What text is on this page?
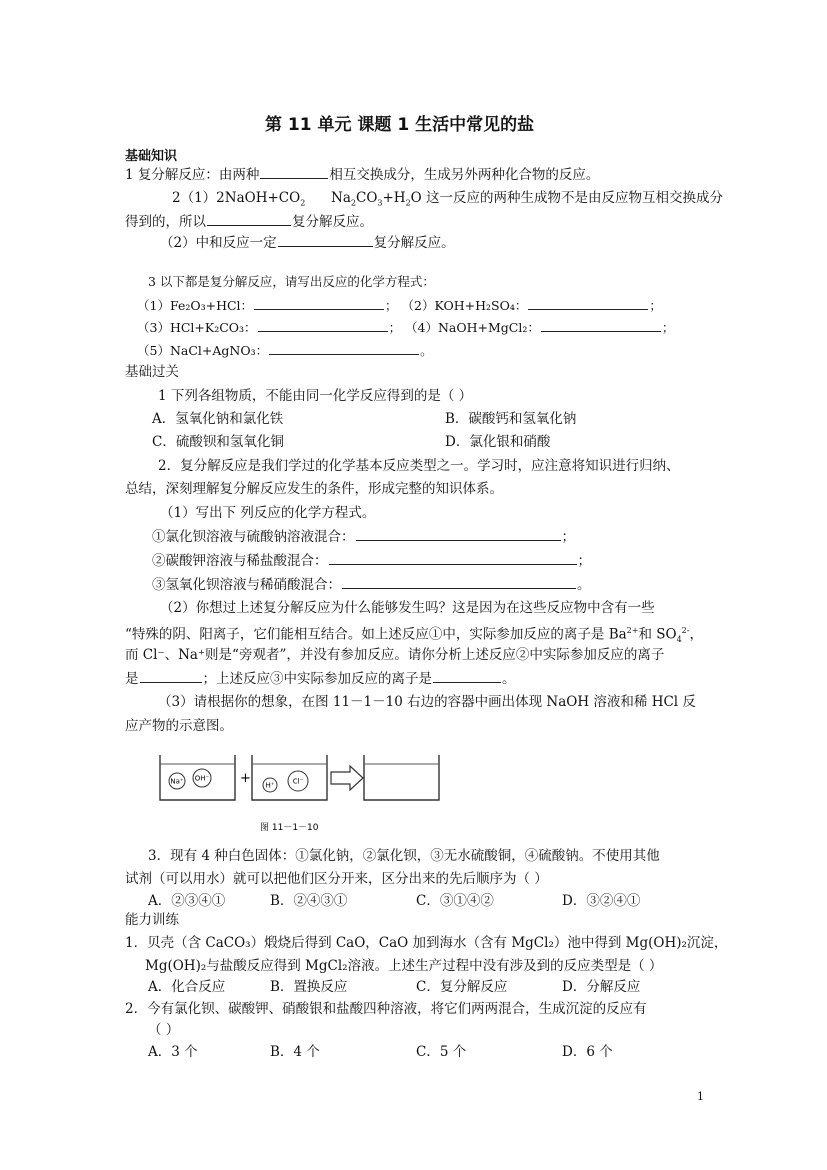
第 11 单元 课题 1 生活中常见的盐
基础知识
1 复分解反应：由两种	相互交换成分，生成另外两种化合物的反应。
$2(1)2NaOH+CO_2$      $Na_2CO_3+H_2O$ 这一反应的两种生成物不是由反应物互相交换成分
得到的，所以	复分解反应。
（2）中和反应一定	复分解反应。
3 以下都是复分解反应，请写出反应的化学方程式：
（1）Fe₂O₃+HCl：	； （2）KOH+H₂SO₄：	；
（3）HCl+K₂CO₃：	； （4）NaOH+MgCl₂：	；
（5）NaCl+AgNO₃：	。
基础过关
1 下列各组物质，不能由同一化学反应得到的是（ ）
A．氢氧化钠和氯化铁	B．碳酸钙和氢氧化钠
C．硫酸钡和氢氧化铜	D．氯化银和硝酸
2．复分解反应是我们学过的化学基本反应类型之一。学习时，应注意将知识进行归纳、
总结，深刻理解复分解反应发生的条件，形成完整的知识体系。
（1）写出下 列反应的化学方程式。
①氯化钡溶液与硫酸钠溶液混合：	；
②碳酸钾溶液与稀盐酸混合：	；
③氢氧化钡溶液与稀硝酸混合：	。
（2）你想过上述复分解反应为什么能够发生吗？这是因为在这些反应物中含有一些
“特殊的阴、阳离子，它们能相互结合。如上述反应①中，实际参加反应的离子是 $Ba^{2+}$和 $SO_4^{2-}$，
而 Cl⁻、Na⁺则是“旁观者”，并没有参加反应。请你分析上述反应②中实际参加反应的离子
是	；上述反应③中实际参加反应的离子是	。
（3）请根据你的想象，在图 11－1－10 右边的容器中画出体现 NaOH 溶液和稀 HCl 反
应产物的示意图。
Na⁺ OH⁻ + H⁺	Cl⁻
图 11－1－10
3．现有 4 种白色固体：①氯化钠，②氯化钡，③无水硫酸铜，④硫酸钠。不使用其他
试剂（可以用水）就可以把他们区分开来，区分出来的先后顺序为（ ）
A．②③④①	B．②④③①	C．③①④②	D．③②④①
能力训练
1．贝壳（含 CaCO₃）煅烧后得到 CaO，CaO 加到海水（含有 MgCl₂）池中得到 Mg(OH)₂沉淀，
Mg(OH)₂与盐酸反应得到 MgCl₂溶液。上述生产过程中没有涉及到的反应类型是（ ）
A．化合反应	B．置换反应	C．复分解反应	D．分解反应
2．今有氯化钡、碳酸钾、硝酸银和盐酸四种溶液，将它们两两混合，生成沉淀的反应有
（ ）
A．3 个	B．4 个	C．5 个	D．6 个
1
